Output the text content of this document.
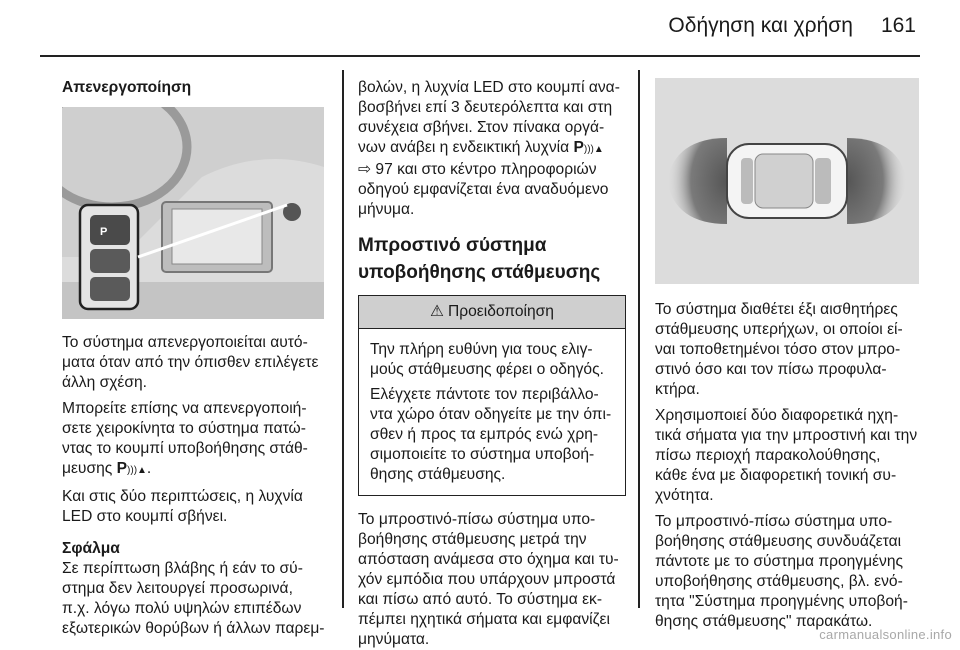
Οδήγηση και χρήση 161

Απενεργοποίηση

P

Το σύστημα απενεργοποιείται αυτό-

ματα όταν από την όπισθεν επιλέγετε

άλλη σχέση.

Μπορείτε επίσης να απενεργοποιή-

σετε χειροκίνητα το σύστημα πατώ-

ντας το κουμπί υποβοήθησης στάθ-

μευσης P)))▲.

Και στις δύο περιπτώσεις, η λυχνία

LED στο κουμπί σβήνει.

Σφάλμα

Σε περίπτωση βλάβης ή εάν το σύ-

στημα δεν λειτουργεί προσωρινά,

π.χ. λόγω πολύ υψηλών επιπέδων

εξωτερικών θορύβων ή άλλων παρεμ-

βολών, η λυχνία LED στο κουμπί ανα-

βοσβήνει επί 3 δευτερόλεπτα και στη

συνέχεια σβήνει. Στον πίνακα οργά-

νων ανάβει η ενδεικτική λυχνία P)))▲

⇨ 97 και στο κέντρο πληροφοριών

οδηγού εμφανίζεται ένα αναδυόμενο

μήνυμα.

Μπροστινό σύστημα

υποβοήθησης στάθμευσης

⚠ Προειδοποίηση

Την πλήρη ευθύνη για τους ελιγ-

μούς στάθμευσης φέρει ο οδηγός.

Ελέγχετε πάντοτε τον περιβάλλο-

ντα χώρο όταν οδηγείτε με την όπι-

σθεν ή προς τα εμπρός ενώ χρη-

σιμοποιείτε το σύστημα υποβοή-

θησης στάθμευσης.

Το μπροστινό-πίσω σύστημα υπο-

βοήθησης στάθμευσης μετρά την

απόσταση ανάμεσα στο όχημα και τυ-

χόν εμπόδια που υπάρχουν μπροστά

και πίσω από αυτό. Το σύστημα εκ-

πέμπει ηχητικά σήματα και εμφανίζει

μηνύματα.

Το σύστημα διαθέτει έξι αισθητήρες

στάθμευσης υπερήχων, οι οποίοι εί-

ναι τοποθετημένοι τόσο στον μπρο-

στινό όσο και τον πίσω προφυλα-

κτήρα.

Χρησιμοποιεί δύο διαφορετικά ηχη-

τικά σήματα για την μπροστινή και την

πίσω περιοχή παρακολούθησης,

κάθε ένα με διαφορετική τονική συ-

χνότητα.

Το μπροστινό-πίσω σύστημα υπο-

βοήθησης στάθμευσης συνδυάζεται

πάντοτε με το σύστημα προηγμένης

υποβοήθησης στάθμευσης, βλ. ενό-

τητα "Σύστημα προηγμένης υποβοή-

θησης στάθμευσης" παρακάτω.

carmanualsonline.info
